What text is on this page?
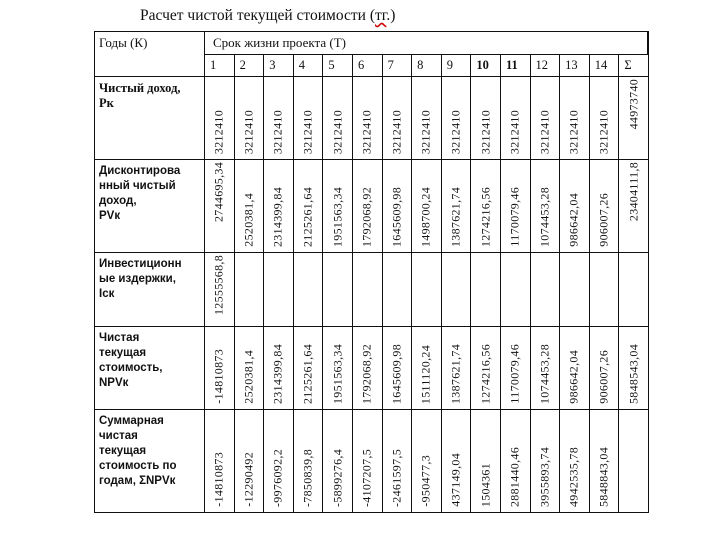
Расчет чистой текущей стоимости (тг.)
Годы (К)	Срок жизни проекта (Т)														
	1	2	3	4	5	6	7	8	9	10	11	12	13	14	Σ

Чистый доход,
Pк	3212410	3212410	3212410	3212410	3212410	3212410	3212410	3212410	3212410	3212410	3212410	3212410	3212410	3212410	44973740

Дисконтирова
нный чистый
доход,
PVк	2744695,34	2520381,4	2314399,84	2125261,64	1951563,34	1792068,92	1645609,98	1498700,24	1387621,74	1274216,56	1170079,46	1074453,28	986642,04	906007,26	23404111,8

Инвестиционн
ые издержки,
Iск	12555568,8														

Чистая
текущая
стоимость,
NPVк	-14810873	2520381,4	2314399,84	2125261,64	1951563,34	1792068,92	1645609,98	1511120,24	1387621,74	1274216,56	1170079,46	1074453,28	986642,04	906007,26	5848543,04

Суммарная
чистая
текущая
стоимость по
годам, ΣNPVк	-14810873	-12290492	-9976092,2	-7850839,8	-5899276,4	-4107207,5	-2461597,5	-950477,3	437149,04	1504361	2881440,46	3955893,74	4942535,78	5848843,04	
